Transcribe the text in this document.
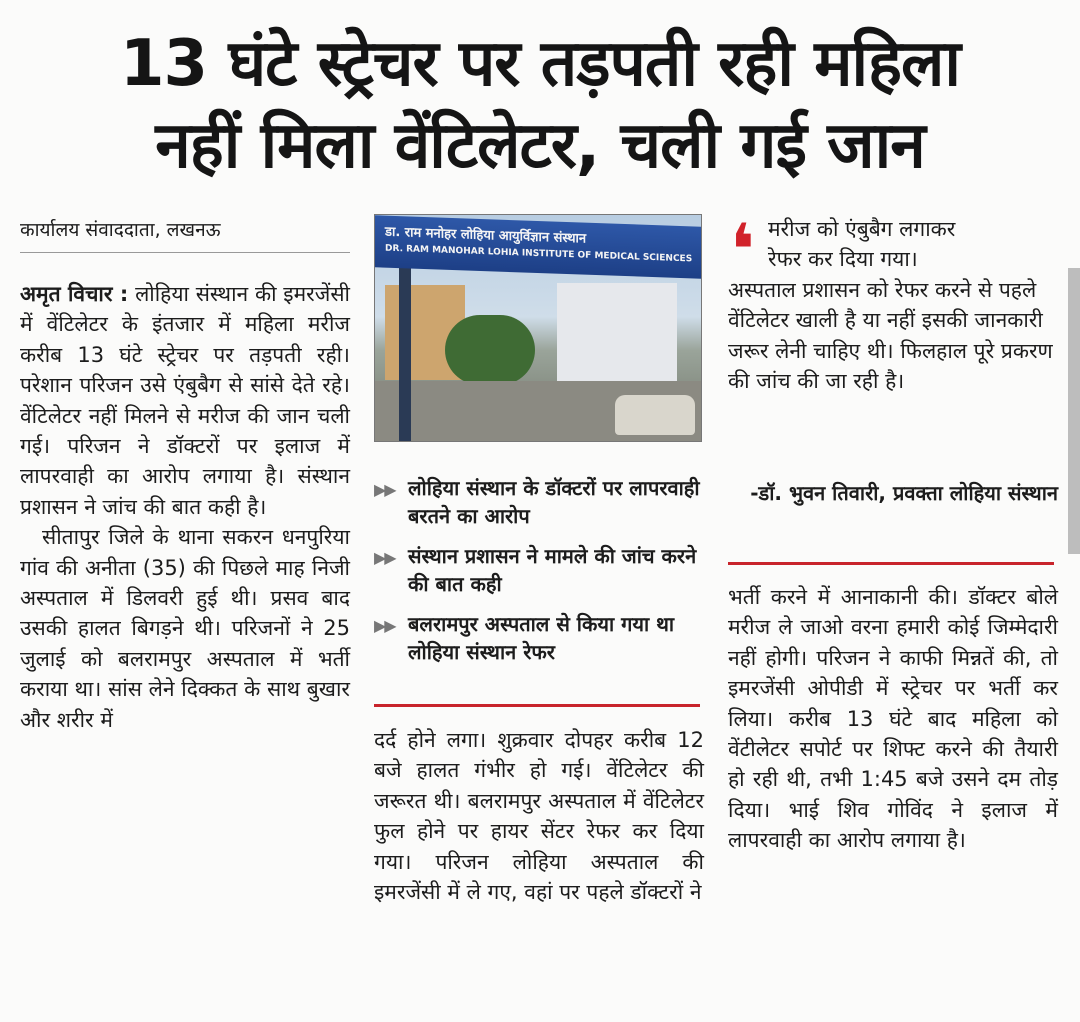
13 घंटे स्ट्रेचर पर तड़पती रही महिला
नहीं मिला वेंटिलेटर, चली गई जान
कार्यालय संवाददाता, लखनऊ

अमृत विचार : लोहिया संस्थान की इमरजेंसी में वेंटिलेटर के इंतजार में महिला मरीज करीब 13 घंटे स्ट्रेचर पर तड़पती रही। परेशान परिजन उसे एंबुबैग से सांसे देते रहे। वेंटिलेटर नहीं मिलने से मरीज की जान चली गई। परिजन ने डॉक्टरों पर इलाज में लापरवाही का आरोप लगाया है। संस्थान प्रशासन ने जांच की बात कही है।

सीतापुर जिले के थाना सकरन धनपुरिया गांव की अनीता (35) की पिछले माह निजी अस्पताल में डिलवरी हुई थी। प्रसव बाद उसकी हालत बिगड़ने थी। परिजनों ने 25 जुलाई को बलरामपुर अस्पताल में भर्ती कराया था। सांस लेने दिक्कत के साथ बुखार और शरीर में

डा. राम मनोहर लोहिया आयुर्विज्ञान संस्थान
DR. RAM MANOHAR LOHIA INSTITUTE OF MEDICAL SCIENCES
▶▶ लोहिया संस्थान के डॉक्टरों पर लापरवाही बरतने का आरोप
▶▶ संस्थान प्रशासन ने मामले की जांच करने की बात कही
▶▶ बलरामपुर अस्पताल से किया गया था लोहिया संस्थान रेफर

दर्द होने लगा। शुक्रवार दोपहर करीब 12 बजे हालत गंभीर हो गई। वेंटिलेटर की जरूरत थी। बलरामपुर अस्पताल में वेंटिलेटर फुल होने पर हायर सेंटर रेफर कर दिया गया। परिजन लोहिया अस्पताल की इमरजेंसी में ले गए, वहां पर पहले डॉक्टरों ने

❛ मरीज को एंबुबैग लगाकर
रेफर कर दिया गया।
अस्पताल प्रशासन को रेफर करने से पहले वेंटिलेटर खाली है या नहीं इसकी जानकारी जरूर लेनी चाहिए थी। फिलहाल पूरे प्रकरण की जांच की जा रही है।
-डॉ. भुवन तिवारी, प्रवक्ता लोहिया संस्थान

भर्ती करने में आनाकानी की। डॉक्टर बोले मरीज ले जाओ वरना हमारी कोई जिम्मेदारी नहीं होगी। परिजन ने काफी मिन्नतें की, तो इमरजेंसी ओपीडी में स्ट्रेचर पर भर्ती कर लिया। करीब 13 घंटे बाद महिला को वेंटीलेटर सपोर्ट पर शिफ्ट करने की तैयारी हो रही थी, तभी 1:45 बजे उसने दम तोड़ दिया। भाई शिव गोविंद ने इलाज में लापरवाही का आरोप लगाया है।
